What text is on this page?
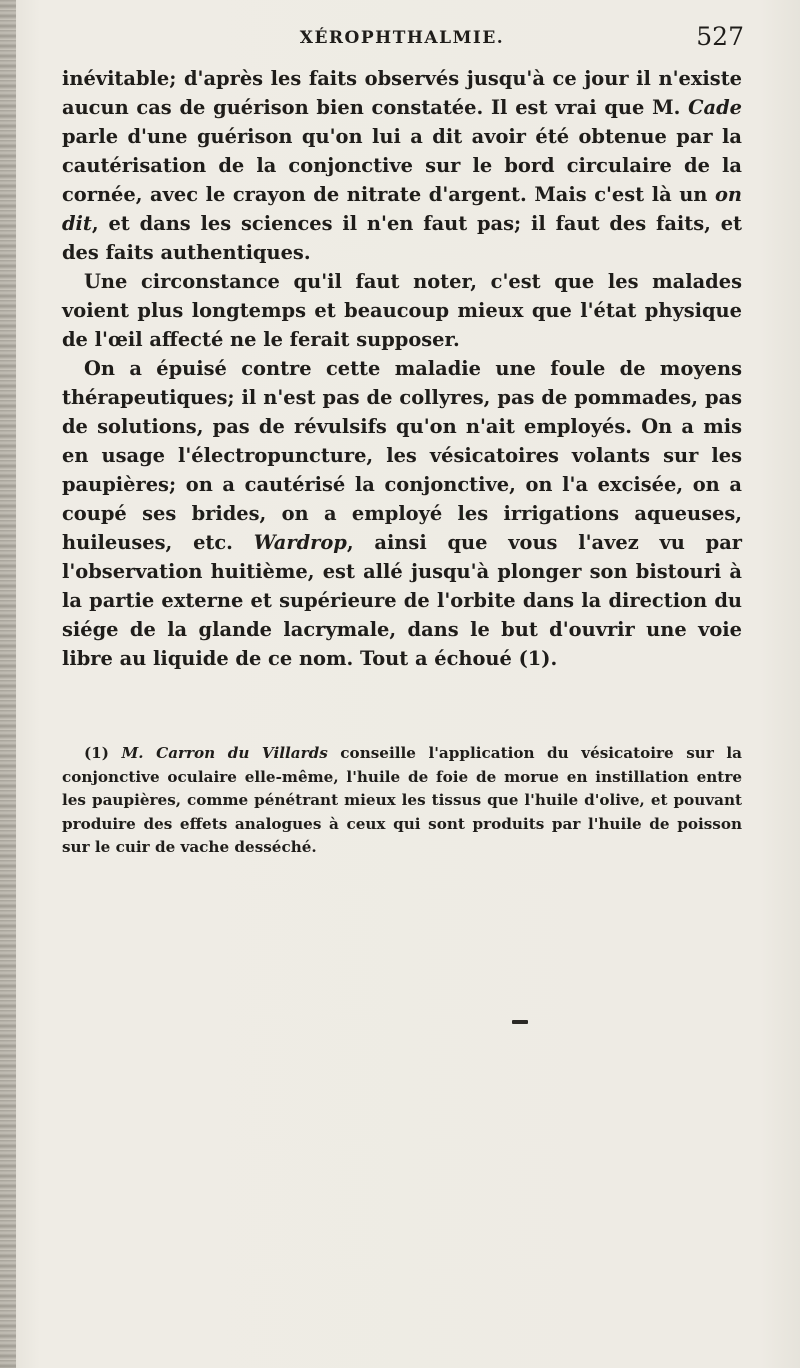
XÉROPHTHALMIE.	527

inévitable; d'après les faits observés jusqu'à ce jour il n'existe aucun cas de guérison bien constatée. Il est vrai que M. Cade parle d'une guérison qu'on lui a dit avoir été obtenue par la cautérisation de la conjonctive sur le bord circulaire de la cornée, avec le crayon de nitrate d'argent. Mais c'est là un on dit, et dans les sciences il n'en faut pas; il faut des faits, et des faits authentiques.

Une circonstance qu'il faut noter, c'est que les malades voient plus longtemps et beaucoup mieux que l'état physique de l'œil affecté ne le ferait supposer.

On a épuisé contre cette maladie une foule de moyens thérapeutiques; il n'est pas de collyres, pas de pommades, pas de solutions, pas de révulsifs qu'on n'ait employés. On a mis en usage l'électropuncture, les vésicatoires volants sur les paupières; on a cautérisé la conjonctive, on l'a excisée, on a coupé ses brides, on a employé les irrigations aqueuses, huileuses, etc. Wardrop, ainsi que vous l'avez vu par l'observation huitième, est allé jusqu'à plonger son bistouri à la partie externe et supérieure de l'orbite dans la direction du siége de la glande lacrymale, dans le but d'ouvrir une voie libre au liquide de ce nom. Tout a échoué (1).

(1) M. Carron du Villards conseille l'application du vésicatoire sur la conjonctive oculaire elle-même, l'huile de foie de morue en instillation entre les paupières, comme pénétrant mieux les tissus que l'huile d'olive, et pouvant produire des effets analogues à ceux qui sont produits par l'huile de poisson sur le cuir de vache desséché.
